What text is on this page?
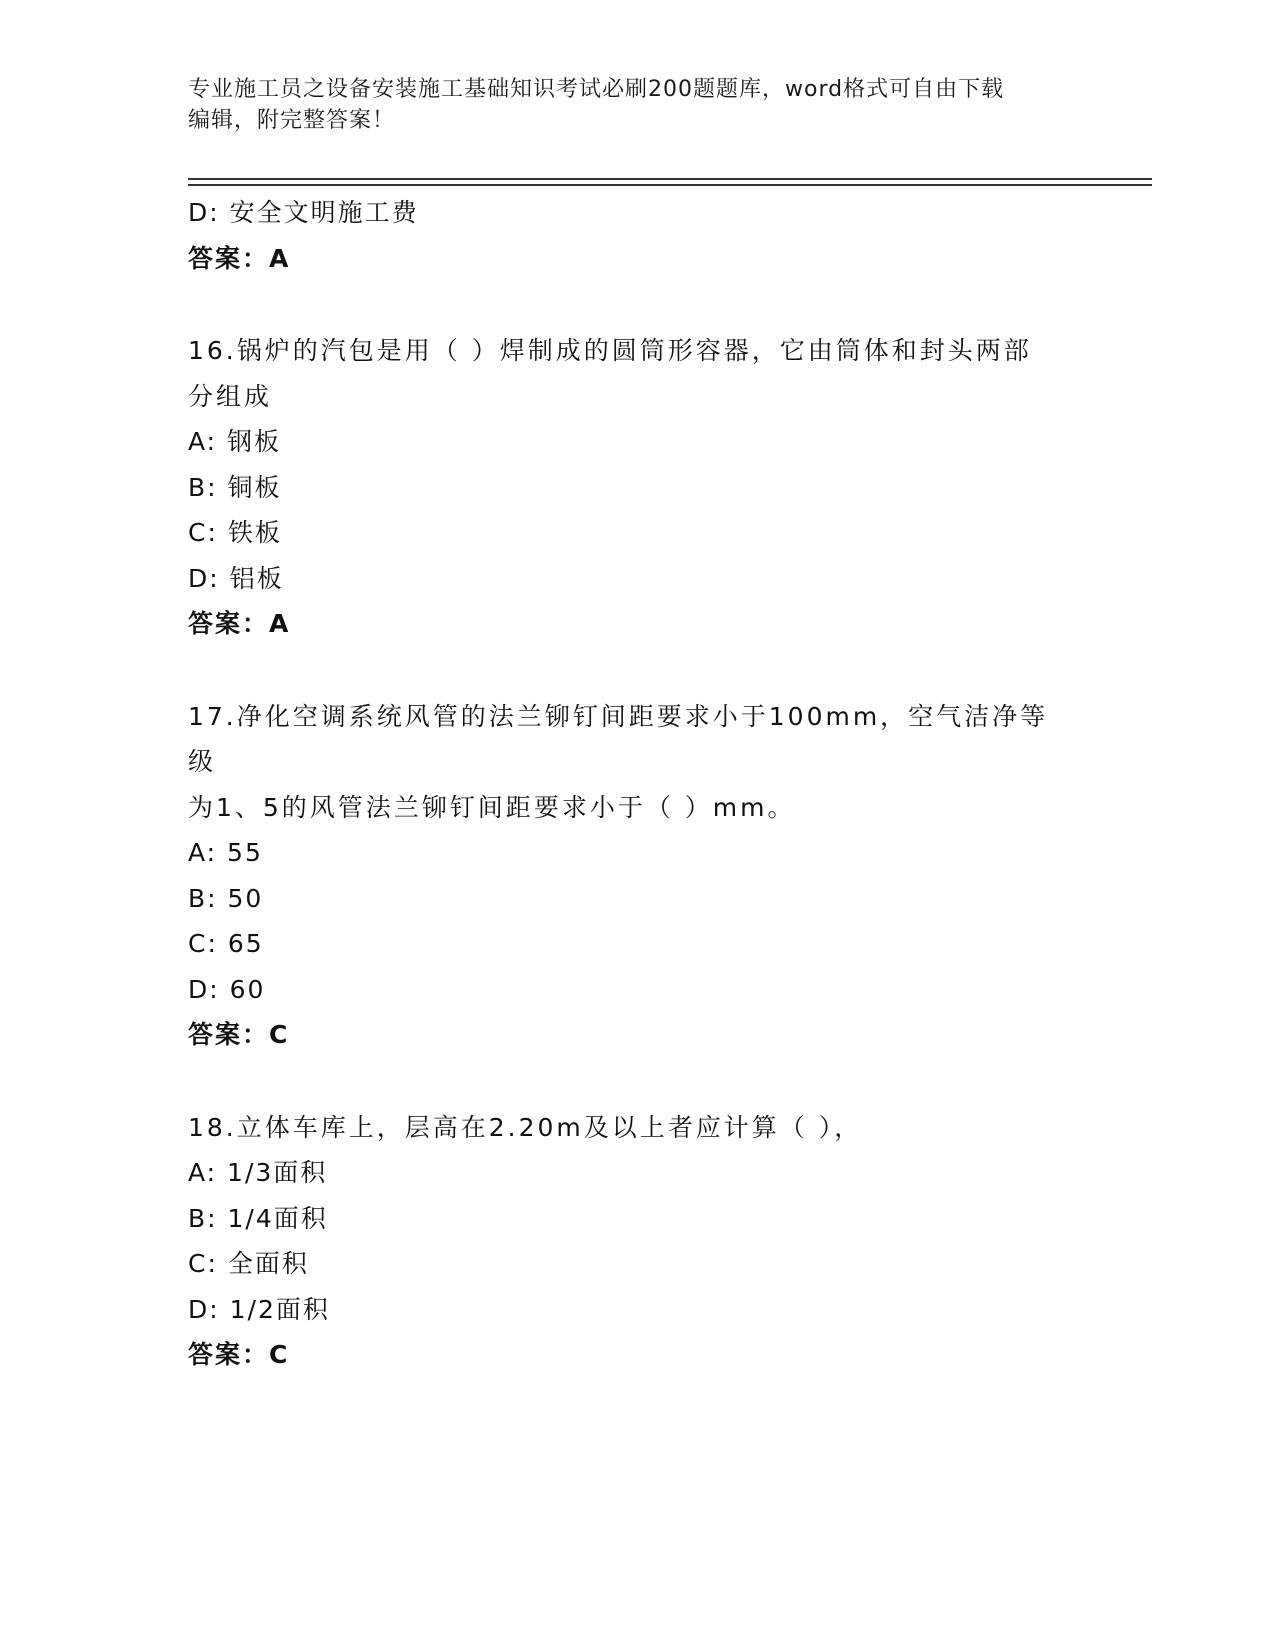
专业施工员之设备安装施工基础知识考试必刷200题题库，word格式可自由下载
编辑，附完整答案！
D: 安全文明施工费
答案：A
16.锅炉的汽包是用（ ）焊制成的圆筒形容器，它由筒体和封头两部
分组成
A: 钢板
B: 铜板
C: 铁板
D: 铝板
答案：A
17.净化空调系统风管的法兰铆钉间距要求小于100mm，空气洁净等级
为1、5的风管法兰铆钉间距要求小于（ ）mm。
A: 55
B: 50
C: 65
D: 60
答案：C
18.立体车库上，层高在2.20m及以上者应计算（ ），
A: 1/3面积
B: 1/4面积
C: 全面积
D: 1/2面积
答案：C
